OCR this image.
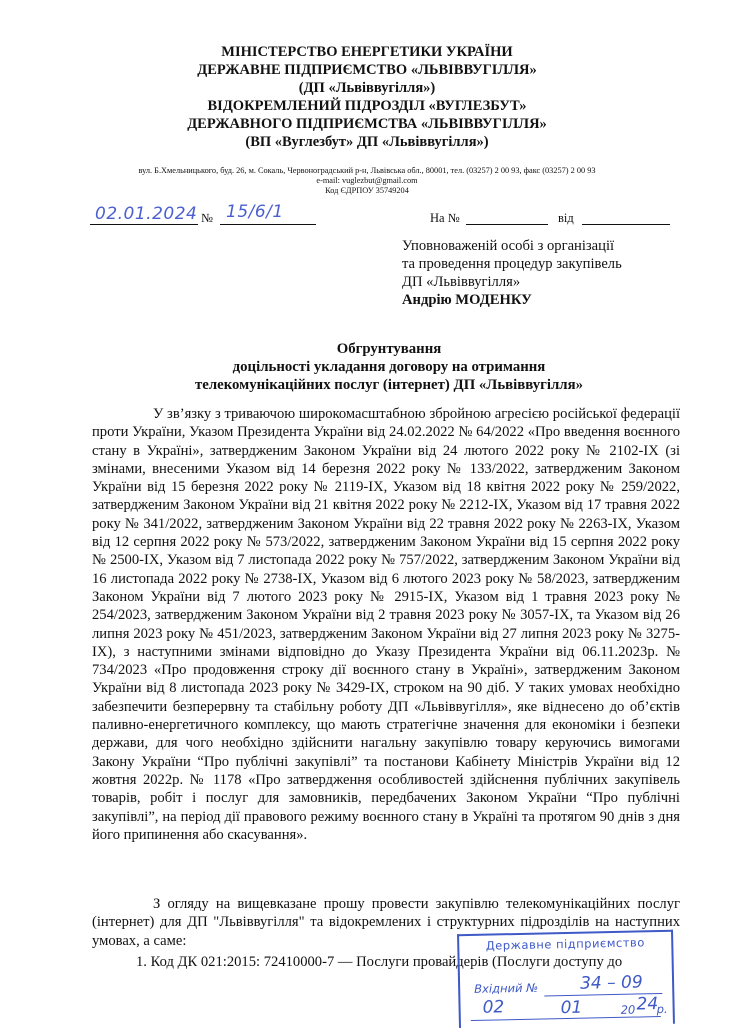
МІНІСТЕРСТВО ЕНЕРГЕТИКИ УКРАЇНИ
ДЕРЖАВНЕ ПІДПРИЄМСТВО «ЛЬВІВВУГІЛЛЯ»
(ДП «Львіввугілля»)
ВІДОКРЕМЛЕНИЙ ПІДРОЗДІЛ «ВУГЛЕЗБУТ»
ДЕРЖАВНОГО ПІДПРИЄМСТВА «ЛЬВІВВУГІЛЛЯ»
(ВП «Вуглезбут» ДП «Львіввугілля»)
вул. Б.Хмельницького, буд. 26, м. Сокаль, Червоноградський р-н, Львівська обл., 80001, тел. (03257) 2 00 93, факс (03257) 2 00 93
e-mail: vuglezbut@gmail.com
Код ЄДРПОУ 35749204
02.01.2024 № 15/6/1	На №	від
Уповноваженій особі з організації
та проведення процедур закупівель
ДП «Львіввугілля»
Андрію МОДЕНКУ
Обгрунтування
доцільності укладання договору на отримання
телекомунікаційних послуг (інтернет) ДП «Львіввугілля»

У зв’язку з триваючою широкомасштабною збройною агресією російської федерації проти України, Указом Президента України від 24.02.2022 № 64/2022 «Про введення воєнного стану в Україні», затвердженим Законом України від 24 лютого 2022 року № 2102-IX (зі змінами, внесеними Указом від 14 березня 2022 року № 133/2022, затвердженим Законом України від 15 березня 2022 року № 2119-IX, Указом від 18 квітня 2022 року № 259/2022, затвердженим Законом України від 21 квітня 2022 року № 2212-IX, Указом від 17 травня 2022 року № 341/2022, затвердженим Законом України від 22 травня 2022 року № 2263-IX, Указом від 12 серпня 2022 року № 573/2022, затвердженим Законом України від 15 серпня 2022 року № 2500-IX, Указом від 7 листопада 2022 року № 757/2022, затвердженим Законом України від 16 листопада 2022 року № 2738-IX, Указом від 6 лютого 2023 року № 58/2023, затвердженим Законом України від 7 лютого 2023 року № 2915-IX, Указом від 1 травня 2023 року № 254/2023, затвердженим Законом України від 2 травня 2023 року № 3057-IX, та Указом від 26 липня 2023 року № 451/2023, затвердженим Законом України від 27 липня 2023 року № 3275-IX), з наступними змінами відповідно до Указу Президента України від 06.11.2023р. № 734/2023 «Про продовження строку дії воєнного стану в Україні», затвердженим Законом України від 8 листопада 2023 року № 3429-IX, строком на 90 діб. У таких умовах необхідно забезпечити безперервну та стабільну роботу ДП «Львіввугілля», яке віднесено до об’єктів паливно-енергетичного комплексу, що мають стратегічне значення для економіки і безпеки держави, для чого необхідно здійснити нагальну закупівлю товару керуючись вимогами Закону України “Про публічні закупівлі” та постанови Кабінету Міністрів України від 12 жовтня 2022р. № 1178 «Про затвердження особливостей здійснення публічних закупівель товарів, робіт і послуг для замовників, передбачених Законом України “Про публічні закупівлі”, на період дії правового режиму воєнного стану в Україні та протягом 90 днів з дня його припинення або скасування».

З огляду на вищевказане прошу провести закупівлю телекомунікаційних послуг (інтернет) для ДП "Львіввугілля" та відокремлених і структурних підрозділів на наступних умовах, а саме:

1. Код ДК 021:2015: 72410000-7 — Послуги провайдерів (Послуги доступу до
Державне підприємство
Вхідний № 34 – 09
02	01	20 24
р.
